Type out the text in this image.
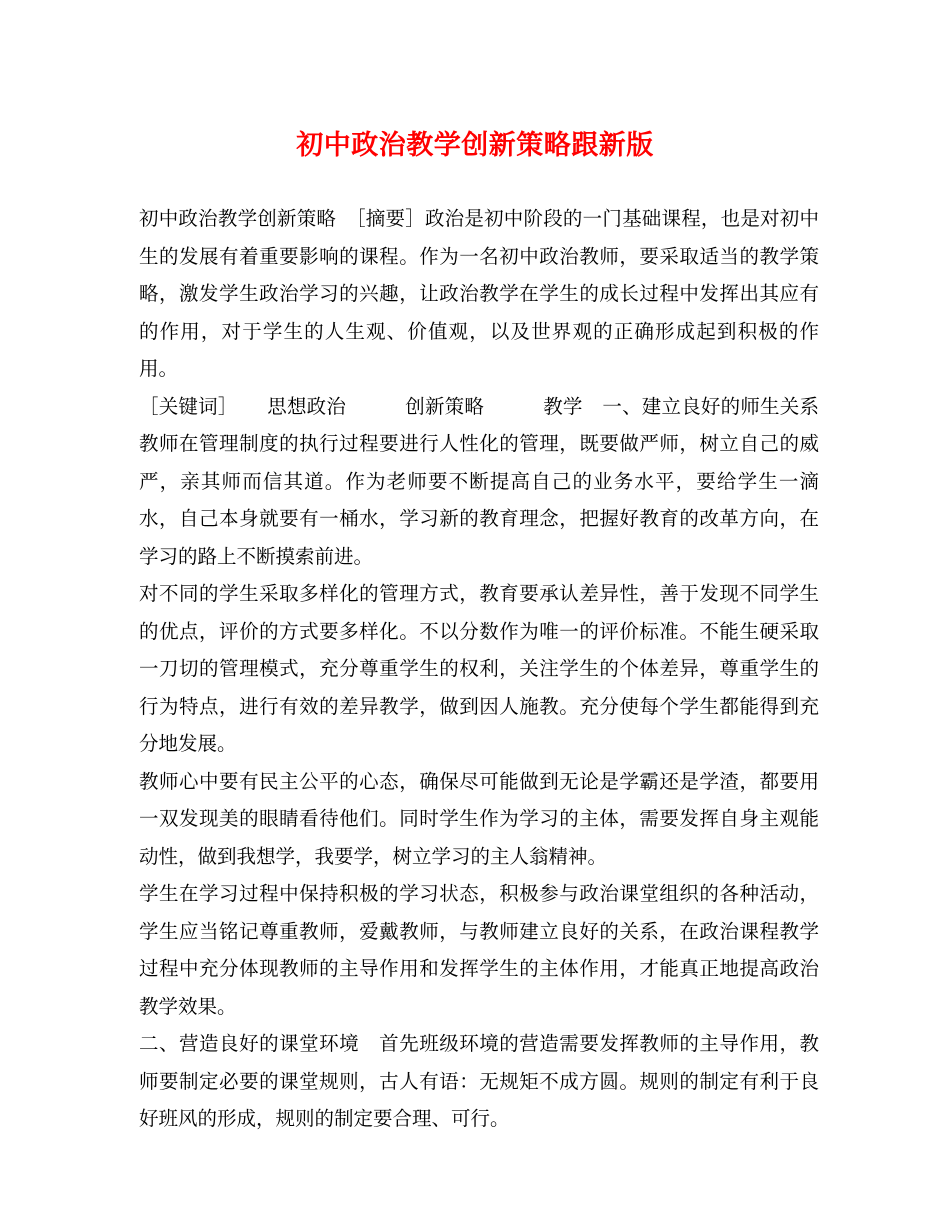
初中政治教学创新策略跟新版

初中政治教学创新策略　［摘要］政治是初中阶段的一门基础课程，也是对初中生的发展有着重要影响的课程。作为一名初中政治教师，要采取适当的教学策略，激发学生政治学习的兴趣，让政治教学在学生的成长过程中发挥出其应有的作用，对于学生的人生观、价值观，以及世界观的正确形成起到积极的作用。

［关键词］　　思想政治　　　创新策略　　　教学　一、建立良好的师生关系　教师在管理制度的执行过程要进行人性化的管理，既要做严师，树立自己的威严，亲其师而信其道。作为老师要不断提高自己的业务水平，要给学生一滴水，自己本身就要有一桶水，学习新的教育理念，把握好教育的改革方向，在学习的路上不断摸索前进。

对不同的学生采取多样化的管理方式，教育要承认差异性，善于发现不同学生的优点，评价的方式要多样化。不以分数作为唯一的评价标准。不能生硬采取一刀切的管理模式，充分尊重学生的权利，关注学生的个体差异，尊重学生的行为特点，进行有效的差异教学，做到因人施教。充分使每个学生都能得到充分地发展。

教师心中要有民主公平的心态，确保尽可能做到无论是学霸还是学渣，都要用一双发现美的眼睛看待他们。同时学生作为学习的主体，需要发挥自身主观能动性，做到我想学，我要学，树立学习的主人翁精神。

学生在学习过程中保持积极的学习状态，积极参与政治课堂组织的各种活动，学生应当铭记尊重教师，爱戴教师，与教师建立良好的关系，在政治课程教学过程中充分体现教师的主导作用和发挥学生的主体作用，才能真正地提高政治教学效果。

二、营造良好的课堂环境　首先班级环境的营造需要发挥教师的主导作用，教师要制定必要的课堂规则，古人有语：无规矩不成方圆。规则的制定有利于良好班风的形成，规则的制定要合理、可行。
